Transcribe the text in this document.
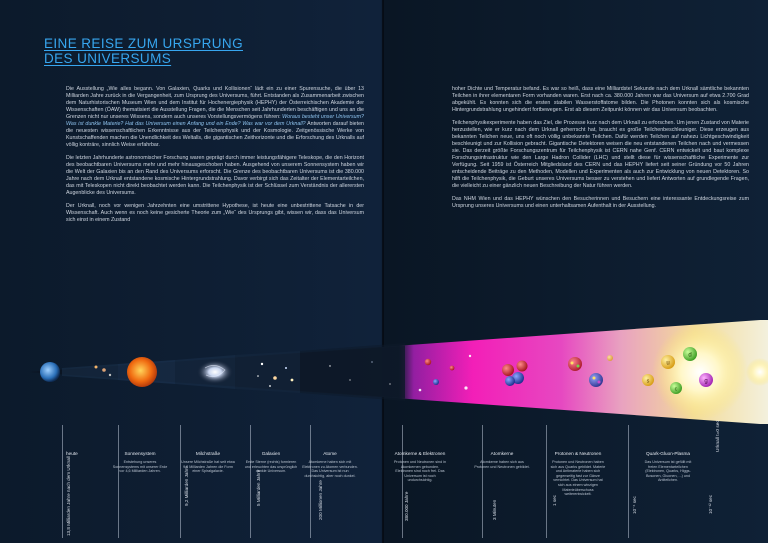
EINE REISE ZUM URSPRUNG
DES UNIVERSUMS

Die Ausstellung „Wie alles begann. Von Galaxien, Quarks und Kollisionen“ lädt ein zu einer Spurensuche, die über 13 Milliarden Jahre zurück in die Vergangenheit, zum Ursprung des Universums, führt. Entstanden als Zusammenarbeit zwischen dem Naturhistorischen Museum Wien und dem Institut für Hochenergiephysik (HEPHY) der Österreichischen Akademie der Wissenschaften (ÖAW) thematisiert die Ausstellung Fragen, die die Menschen seit Jahrhunderten beschäftigen und uns an die Grenzen nicht nur unseres Wissens, sondern auch unseres Vorstellungsvermögens führen: Woraus besteht unser Universum? Was ist dunkle Materie? Hat das Universum einen Anfang und ein Ende? Was war vor dem Urknall? Antworten darauf bieten die neuesten wissenschaftlichen Erkenntnisse aus der Teilchenphysik und der Kosmologie. Zeitgenössische Werke von Kunstschaffenden machen die Unendlichkeit des Weltalls, die gigantischen Zeithorizonte und die Erforschung des Urknalls auf völlig konträre, sinnlich Weise erfahrbar.

Die letzten Jahrhunderte astronomischer Forschung waren geprägt durch immer leistungsfähigere Teleskope, die den Horizont des beobachtbaren Universums mehr und mehr hinausgeschoben haben. Ausgehend von unserem Sonnensystem haben wir die Welt der Galaxien bis an den Rand des Universums erforscht. Die Grenze des beobachtbaren Universums ist die 380.000 Jahre nach dem Urknall entstandene kosmische Hintergrundstrahlung. Davor verbirgt sich das Zeitalter der Elementarteilchen, das mit Teleskopen nicht direkt beobachtet werden kann. Die Teilchenphysik ist der Schlüssel zum Verständnis der allerersten Augenblicke des Universums.

Der Urknall, noch vor wenigen Jahrzehnten eine umstrittene Hypothese, ist heute eine unbestrittene Tatsache in der Wissenschaft. Auch wenn es noch keine gesicherte Theorie zum „Wie“ des Ursprungs gibt, wissen wir, dass das Universum sich einst in einem Zustand

hoher Dichte und Temperatur befand. Es war so heiß, dass eine Milliardstel Sekunde nach dem Urknall sämtliche bekannten Teilchen in ihrer elementaren Form vorhanden waren. Erst nach ca. 380.000 Jahren war das Universum auf etwa 2.700 Grad abgekühlt. Es konnten sich die ersten stabilen Wasserstoffatome bilden. Die Photonen konnten sich als kosmische Hintergrundstrahlung ungehindert fortbewegen. Erst ab diesem Zeitpunkt können wir das Universum beobachten.

Teilchenphysikexperimente haben das Ziel, die Prozesse kurz nach dem Urknall zu erforschen. Um jenen Zustand von Materie herzustellen, wie er kurz nach dem Urknall geherrscht hat, braucht es große Teilchenbeschleuniger. Diese erzeugen aus bekannten Teilchen neue, uns oft noch völlig unbekannte Teilchen. Dafür werden Teilchen auf nahezu Lichtgeschwindigkeit beschleunigt und zur Kollision gebracht. Gigantische Detektoren weisen die neu entstandenen Teilchen nach und vermessen sie. Das derzeit größte Forschungszentrum für Teilchenphysik ist CERN nahe Genf. CERN entwickelt und baut komplexe Forschungsinfrastruktur wie den Large Hadron Collider (LHC) und stellt diese für wissenschaftliche Experimente zur Verfügung. Seit 1959 ist Österreich Mitgliedsland des CERN und das HEPHY liefert seit seiner Gründung vor 50 Jahren entscheidende Beiträge zu den Methoden, Modellen und Experimenten als auch zur Entwicklung von neuen Detektoren. So hilft die Teilchenphysik, die Geburt unseres Universums besser zu verstehen und liefert Antworten auf grundlegende Fragen, die vielleicht zu einer gänzlich neuen Beschreibung der Natur führen werden.

Das NHM Wien und das HEPHY wünschen den Besucherinnen und Besuchern eine interessante Entdeckungsreise zum Ursprung unseres Universums und einen unterhaltsamen Aufenthalt in der Ausstellung.

u
d
g
c
s
heute
13,8 Milliarden Jahre nach dem Urknall
Sonnensystem
Entstehung unseres Sonnensystems mit unserer Erde vor 4,6 Milliarden Jahren.	9,2 Milliarden Jahre
Milchstraße
Unsere Milchstraße hat seit etwa 9,2 Milliarden Jahren die Form einer Spiralgalaxie.	5 Milliarden Jahre
Galaxien
Erste Sterne (rechts) formieren und erleuchten das ursprünglich dunkle Universum.
200 Millionen Jahre
Atome
Atomkerne haben sich mit Elektronen zu Atomen verbunden. Das Universum ist nun durchsichtig, aber noch dunkel.
380.000 Jahre
Atomkerne & Elektronen
Protonen und Neutronen sind in Atomkernen gebunden. Elektronen sind noch frei. Das Universum ist noch undurchsichtig.
3 Minuten
Atomkerne
Atomkerne haben sich aus Protonen und Neutronen gebildet.
1 sec
Protonen & Neutronen
Protonen und Neutronen haben sich aus Quarks gebildet. Materie und Antimaterie haben sich gegenseitig fast zur Gänze vernichtet. Das Universum hat sich aus einem winzigen Materieüberschuss weiterentwickelt.
10⁻⁶ sec
Quark-Gluon-Plasma
Das Universum ist gefüllt mit freien Elementarteilchen (Elektronen, Quarks, Higgs-Bosonen, Gluonen, ...) und Antiteilchen.
10⁻¹² sec
Urknall t=0 sec
